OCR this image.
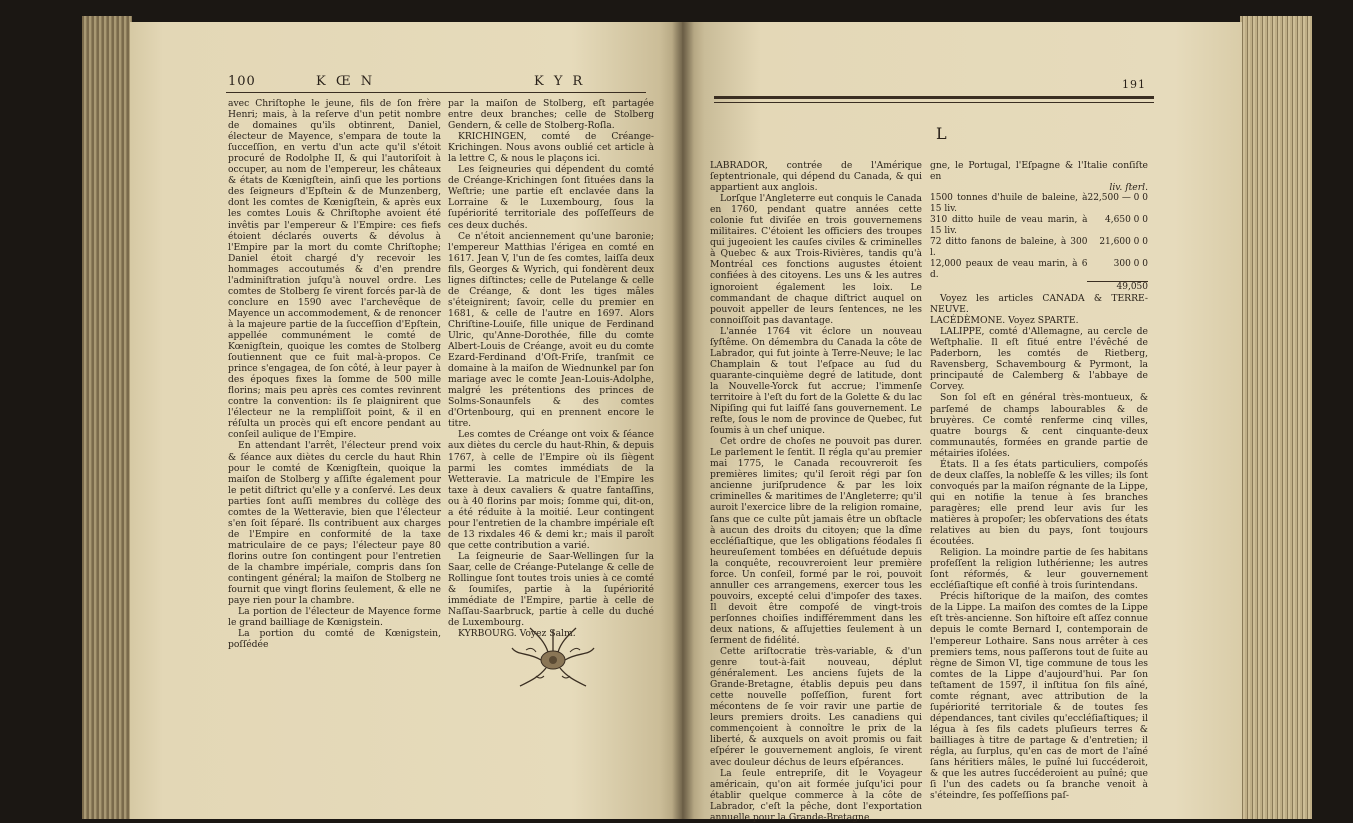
100	K Œ N	K Y R

avec Chriſtophe le jeune, fils de ſon frère Henri; mais, à la reſerve d'un petit nombre de domaines qu'ils obtinrent, Daniel, électeur de Mayence, s'empara de toute la ſucceſſion, en vertu d'un acte qu'il s'étoit procuré de Rodolphe II, & qui l'autoriſoit à occuper, au nom de l'empereur, les châteaux & états de Kœnigſtein, ainſi que les portions des ſeigneurs d'Epſtein & de Munzenberg, dont les comtes de Kœnigſtein, & après eux les comtes Louis & Chriſtophe avoient été invêtis par l'empereur & l'Empire: ces fiefs étoient déclarés ouverts & dévolus à l'Empire par la mort du comte Chriſtophe; Daniel étoit chargé d'y recevoir les hommages accoutumés & d'en prendre l'adminiſtration juſqu'à nouvel ordre. Les comtes de Stolberg ſe virent forcés par-là de conclure en 1590 avec l'archevêque de Mayence un accommodement, & de renoncer à la majeure partie de la ſucceſſion d'Epſtein, appellée communément le comté de Kœnigſtein, quoique les comtes de Stolberg ſoutiennent que ce fuit mal-à-propos. Ce prince s'engagea, de ſon côté, à leur payer à des époques fixes la ſomme de 500 mille florins; mais peu après ces comtes revinrent contre la convention: ils ſe plaignirent que l'électeur ne la rempliſſoit point, & il en réſulta un procès qui eſt encore pendant au conſeil aulique de l'Empire.

En attendant l'arrêt, l'électeur prend voix & ſéance aux diètes du cercle du haut Rhin pour le comté de Kœnigſtein, quoique la maiſon de Stolberg y aſſiſte également pour le petit diſtrict qu'elle y a conſervé. Les deux parties ſont auſſi membres du collège des comtes de la Wetteravie, bien que l'électeur s'en ſoit ſéparé. Ils contribuent aux charges de l'Empire en conformité de la taxe matriculaire de ce pays; l'électeur paye 80 florins outre ſon contingent pour l'entretien de la chambre impériale, compris dans ſon contingent général; la maiſon de Stolberg ne fournit que vingt florins ſeulement, & elle ne paye rien pour la chambre.

La portion de l'électeur de Mayence forme le grand bailliage de Kœnigstein.

La portion du comté de Kœnigstein, poſſédée

par la maiſon de Stolberg, eſt partagée entre deux branches; celle de Stolberg Gendern, & celle de Stolberg-Roſla.

KRICHINGEN, comté de Créange-Krichingen. Nous avons oublié cet article à la lettre C, & nous le plaçons ici.

Les ſeigneuries qui dépendent du comté de Créange-Krichingen ſont ſituées dans la Weſtrie; une partie eſt enclavée dans la Lorraine & le Luxembourg, ſous la ſupériorité territoriale des poſſeſſeurs de ces deux duchés.

Ce n'étoit anciennement qu'une baronie; l'empereur Matthias l'érigea en comté en 1617. Jean V, l'un de ſes comtes, laiſſa deux fils, Georges & Wyrich, qui fondèrent deux lignes diſtinctes; celle de Putelange & celle de Créange, & dont les tiges mâles s'éteignirent; ſavoir, celle du premier en 1681, & celle de l'autre en 1697. Alors Chriſtine-Louiſe, fille unique de Ferdinand Ulric, qu'Anne-Dorothée, fille du comte Albert-Louis de Créange, avoit eu du comte Ezard-Ferdinand d'Oſt-Friſe, tranſmit ce domaine à la maiſon de Wiednunkel par ſon mariage avec le comte Jean-Louis-Adolphe, malgré les prétentions des princes de Solms-Sonaunfels & des comtes d'Ortenbourg, qui en prennent encore le titre.

Les comtes de Créange ont voix & ſéance aux diètes du cercle du haut-Rhin, & depuis 1767, à celle de l'Empire où ils ſiègent parmi les comtes immédiats de la Wetteravie. La matricule de l'Empire les taxe à deux cavaliers & quatre fantaſſins, ou à 40 florins par mois; ſomme qui, dit-on, a été réduite à la moitié. Leur contingent pour l'entretien de la chambre impériale eſt de 13 rixdales 46 & demi kr.; mais il paroît que cette contribution a varié.

La ſeigneurie de Saar-Wellingen ſur la Saar, celle de Créange-Putelange & celle de Rollingue ſont toutes trois unies à ce comté & ſoumiſes, partie à la ſupériorité immédiate de l'Empire, partie à celle de Naſſau-Saarbruck, partie à celle du duché de Luxembourg.

KYRBOURG. Voyez Salm.

191
L

LABRADOR, contrée de l'Amérique ſeptentrionale, qui dépend du Canada, & qui appartient aux anglois.

Lorſque l'Angleterre eut conquis le Canada en 1760, pendant quatre années cette colonie fut diviſée en trois gouvernemens militaires. C'étoient les officiers des troupes qui jugeoient les cauſes civiles & criminelles à Quebec & aux Trois-Rivières, tandis qu'à Montréal ces fonctions augustes étoient confiées à des citoyens. Les uns & les autres ignoroient également les loix. Le commandant de chaque diſtrict auquel on pouvoit appeller de leurs ſentences, ne les connoiſſoit pas davantage.

L'année 1764 vit éclore un nouveau ſyſtême. On démembra du Canada la côte de Labrador, qui fut jointe à Terre-Neuve; le lac Champlain & tout l'eſpace au ſud du quarante-cinquième degré de latitude, dont la Nouvelle-Yorck fut accrue; l'immenſe territoire à l'eſt du fort de la Golette & du lac Nipiſing qui fut laiſſé ſans gouvernement. Le reſte, ſous le nom de province de Quebec, fut ſoumis à un chef unique.

Cet ordre de choſes ne pouvoit pas durer. Le parlement le ſentit. Il régla qu'au premier mai 1775, le Canada recouvreroit ſes premières limites; qu'il ſeroit régi par ſon ancienne juriſprudence & par les loix criminelles & maritimes de l'Angleterre; qu'il auroit l'exercice libre de la religion romaine, ſans que ce culte pût jamais être un obſtacle à aucun des droits du citoyen; que la dîme eccléſiaſtique, que les obligations féodales ſi heureuſement tombées en déſuétude depuis la conquête, recouvreroient leur première force. Un conſeil, formé par le roi, pouvoit annuller ces arrangemens, exercer tous les pouvoirs, excepté celui d'impoſer des taxes. Il devoit être compoſé de vingt-trois perſonnes choiſies indifféremment dans les deux nations, & aſſujetties ſeulement à un ſerment de fidélité.

Cette ariſtocratie très-variable, & d'un genre tout-à-fait nouveau, déplut généralement. Les anciens ſujets de la Grande-Bretagne, établis depuis peu dans cette nouvelle poſſeſſion, furent fort mécontens de ſe voir ravir une partie de leurs premiers droits. Les canadiens qui commençoient à connoître le prix de la liberté, & auxquels on avoit promis ou fait eſpérer le gouvernement anglois, ſe virent avec douleur déchus de leurs eſpérances.

La ſeule entrepriſe, dit le Voyageur américain, qu'on ait formée juſqu'ici pour établir quelque commerce à la côte de Labrador, c'eſt la pêche, dont l'exportation annuelle pour la Grande-Bretagne

gne, le Portugal, l'Eſpagne & l'Italie conſiſte en

liv. ſterl.
1500 tonnes d'huile de baleine, à 15 liv.	22,500 — 0 0
310 ditto huile de veau marin, à 15 liv.	4,650 0 0
72 ditto fanons de baleine, à 300 l.	21,600 0 0
12,000 peaux de veau marin, à 6 d.	300 0 0
	49,050

Voyez les articles CANADA & TERRE-NEUVE.

LACÉDÈMONE. Voyez SPARTE.

LALIPPE, comté d'Allemagne, au cercle de Weſtphalie. Il eſt ſitué entre l'évêché de Paderborn, les comtés de Rietberg, Ravensberg, Schavembourg & Pyrmont, la principauté de Calemberg & l'abbaye de Corvey.

Son ſol eſt en général très-montueux, & parſemé de champs labourables & de bruyères. Ce comté renferme cinq villes, quatre bourgs & cent cinquante-deux communautés, formées en grande partie de métairies iſolées.

États. Il a ſes états particuliers, compoſés de deux claſſes, la nobleſſe & les villes; ils ſont convoqués par la maiſon régnante de la Lippe, qui en notifie la tenue à ſes branches paragères; elle prend leur avis ſur les matières à propoſer; les obſervations des états relatives au bien du pays, ſont toujours écoutées.

Religion. La moindre partie de ſes habitans profeſſent la religion luthérienne; les autres ſont réformés, & leur gouvernement eccléſiaſtique eſt confié à trois ſurintendans.

Précis hiſtorique de la maiſon, des comtes de la Lippe. La maiſon des comtes de la Lippe eſt très-ancienne. Son hiſtoire eſt aſſez connue depuis le comte Bernard I, contemporain de l'empereur Lothaire. Sans nous arrêter à ces premiers tems, nous paſſerons tout de ſuite au règne de Simon VI, tige commune de tous les comtes de la Lippe d'aujourd'hui. Par ſon teſtament de 1597, il inſtitua ſon fils aîné, comte régnant, avec attribution de la ſupériorité territoriale & de toutes ſes dépendances, tant civiles qu'eccléſiaſtiques; il légua à ſes fils cadets pluſieurs terres & bailliages à titre de partage & d'entretien; il régla, au ſurplus, qu'en cas de mort de l'aîné ſans héritiers mâles, le puîné lui ſuccéderoit, & que les autres ſuccéderoient au puîné; que ſi l'un des cadets ou ſa branche venoit à s'éteindre, ſes poſſeſſions paſ-
